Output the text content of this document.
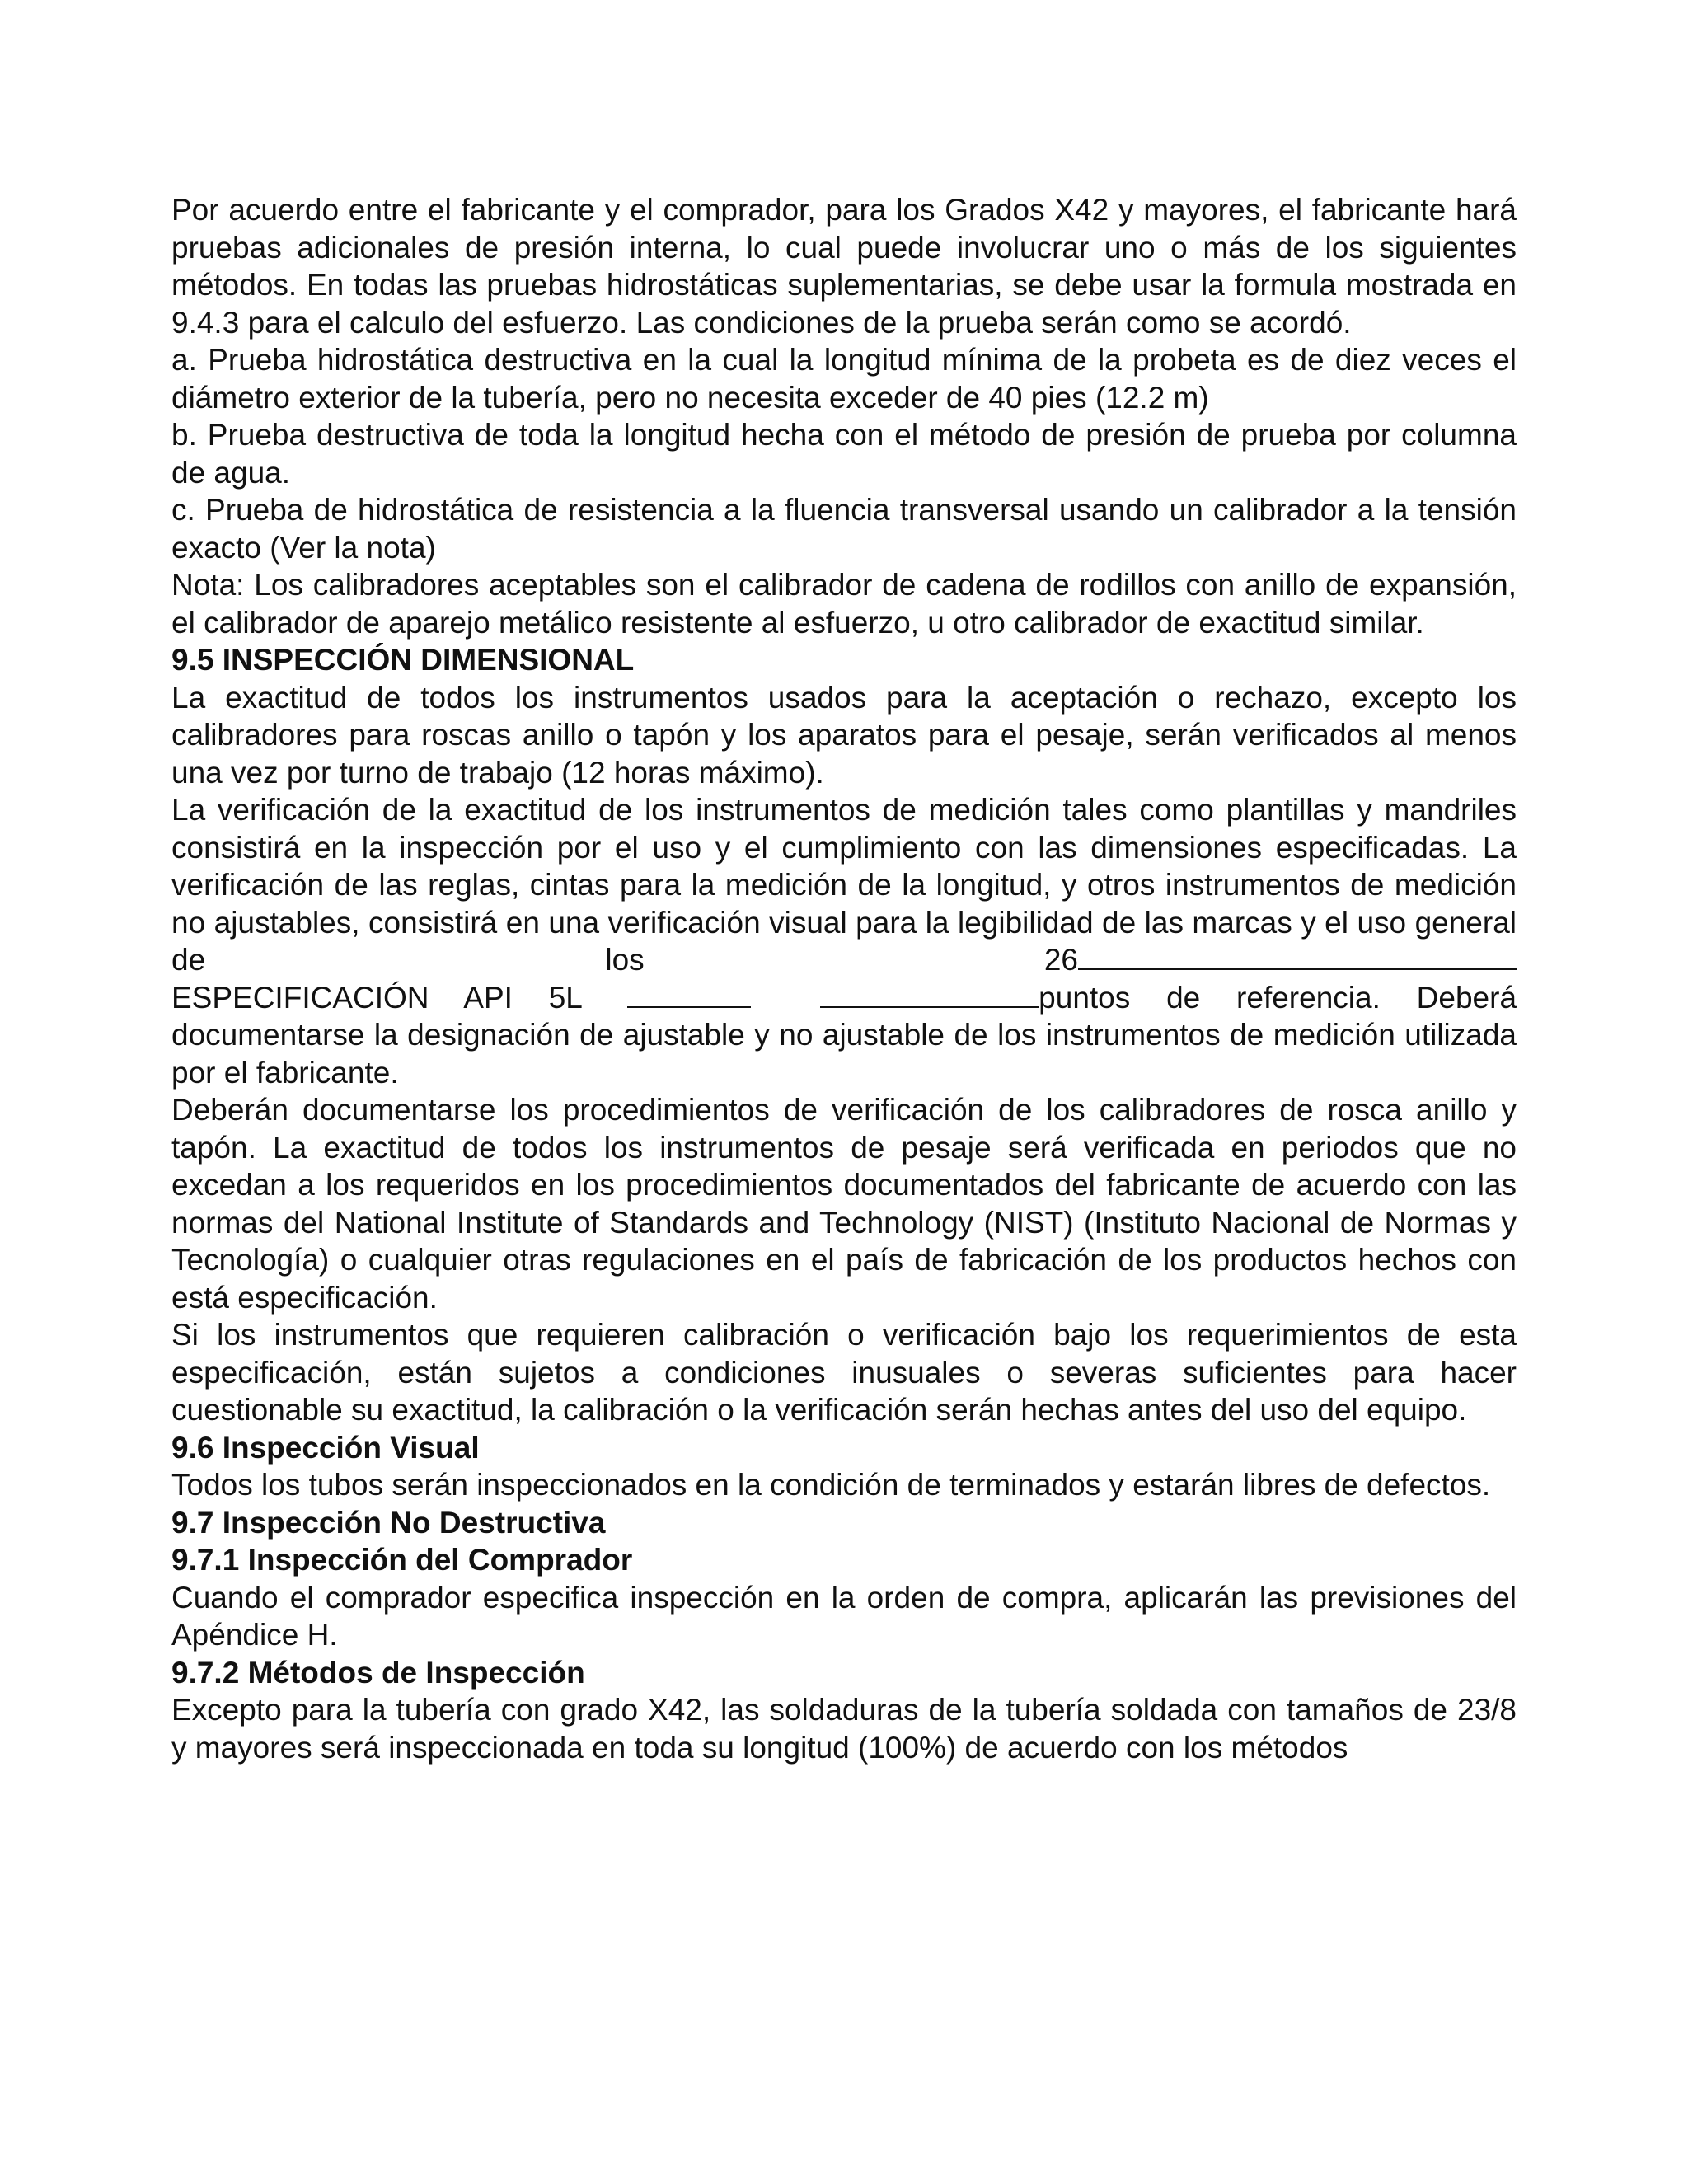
Por acuerdo entre el fabricante y el comprador, para los Grados X42 y mayores, el fabricante hará pruebas adicionales de presión interna, lo cual puede involucrar uno o más de los siguientes métodos. En todas las pruebas hidrostáticas suplementarias, se debe usar la formula mostrada en 9.4.3 para el calculo del esfuerzo. Las condiciones de la prueba serán como se acordó.

a. Prueba hidrostática destructiva en la cual la longitud mínima de la probeta es de diez veces el diámetro exterior de la tubería, pero no necesita exceder de 40 pies (12.2 m)

b. Prueba destructiva de toda la longitud hecha con el método de presión de prueba por columna de agua.

c. Prueba de hidrostática de resistencia a la fluencia transversal usando un calibrador a la tensión exacto (Ver la nota)

Nota: Los calibradores aceptables son el calibrador de cadena de rodillos con anillo de expansión, el calibrador de aparejo metálico resistente al esfuerzo, u otro calibrador de exactitud similar.

9.5 INSPECCIÓN DIMENSIONAL

La exactitud de todos los instrumentos usados para la aceptación o rechazo, excepto los calibradores para roscas anillo o tapón y los aparatos para el pesaje, serán verificados al menos una vez por turno de trabajo (12 horas máximo).

La verificación de la exactitud de los instrumentos de medición tales como plantillas y mandriles consistirá en la inspección por el uso y el cumplimiento con las dimensiones especificadas. La verificación de las reglas, cintas para la medición de la longitud, y otros instrumentos de medición no ajustables, consistirá en una verificación visual para la legibilidad de las marcas y el uso general de los 26

ESPECIFICACIÓN API 5L	puntos de referencia. Deberá documentarse la designación de ajustable y no ajustable de los instrumentos de medición utilizada por el fabricante.

Deberán documentarse los procedimientos de verificación de los calibradores de rosca anillo y tapón. La exactitud de todos los instrumentos de pesaje será verificada en periodos que no excedan a los requeridos en los procedimientos documentados del fabricante de acuerdo con las normas del National Institute of Standards and Technology (NIST) (Instituto Nacional de Normas y Tecnología) o cualquier otras regulaciones en el país de fabricación de los productos hechos con está especificación.

Si los instrumentos que requieren calibración o verificación bajo los requerimientos de esta especificación, están sujetos a condiciones inusuales o severas suficientes para hacer cuestionable su exactitud, la calibración o la verificación serán hechas antes del uso del equipo.

9.6 Inspección Visual

Todos los tubos serán inspeccionados en la condición de terminados y estarán libres de defectos.

9.7 Inspección No Destructiva

9.7.1 Inspección del Comprador

Cuando el comprador especifica inspección en la orden de compra, aplicarán las previsiones del Apéndice H.

9.7.2 Métodos de Inspección

Excepto para la tubería con grado X42, las soldaduras de la tubería soldada con tamaños de 23/8 y mayores será inspeccionada en toda su longitud (100%) de acuerdo con los métodos
